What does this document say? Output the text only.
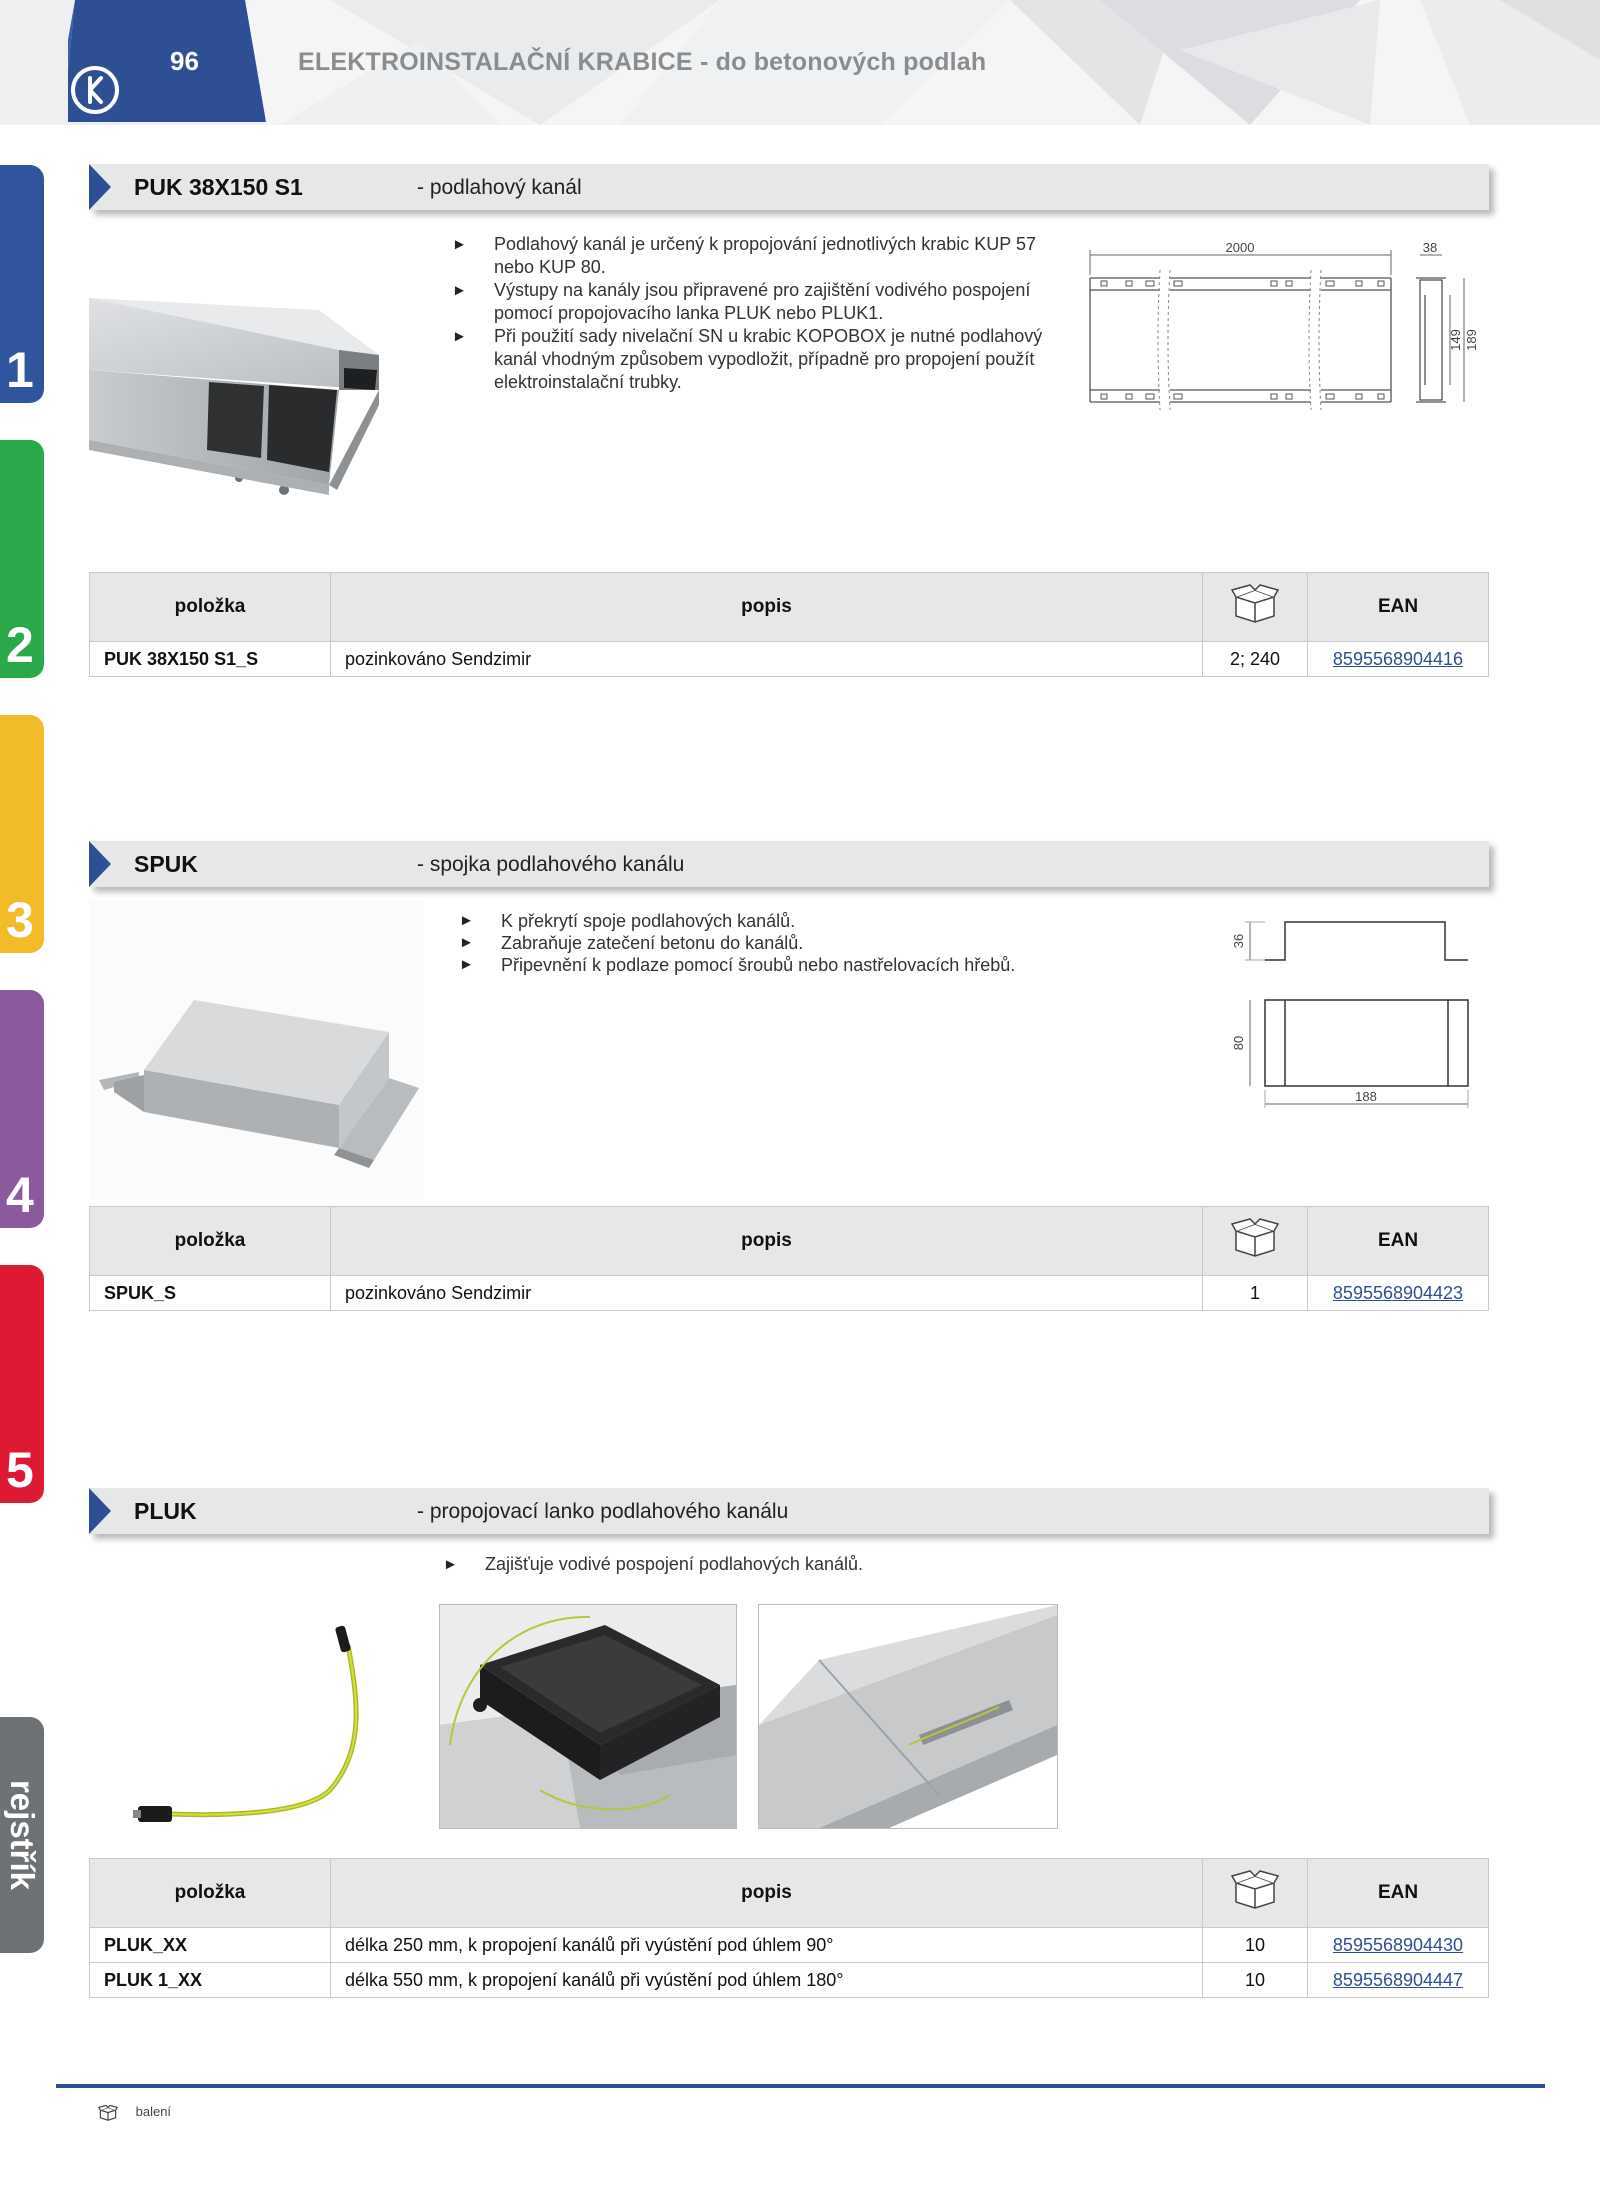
96	ELEKTROINSTALAČNÍ KRABICE - do betonových podlah
1
2
3
4
5
rejstřík
PUK 38X150 S1	- podlahový kanál
► Podlahový kanál je určený k propojování jednotlivých krabic KUP 57 nebo KUP 80.
► Výstupy na kanály jsou připravené pro zajištění vodivého pospojení pomocí propojovacího lanka PLUK nebo PLUK1.
► Při použití sady nivelační SN u krabic KOPOBOX je nutné podlahový kanál vhodným způsobem vypodložit, případně pro propojení použít elektroinstalační trubky.
2000	38
149 189
položka	popis		EAN
PUK 38X150 S1_S	pozinkováno Sendzimir	2; 240	8595568904416
SPUK	- spojka podlahového kanálu
► K překrytí spoje podlahových kanálů.
► Zabraňuje zatečení betonu do kanálů.
► Připevnění k podlaze pomocí šroubů nebo nastřelovacích hřebů.
36
80
188
položka	popis		EAN
SPUK_S	pozinkováno Sendzimir	1	8595568904423
PLUK	- propojovací lanko podlahového kanálu
► Zajišťuje vodivé pospojení podlahových kanálů.
položka	popis		EAN
PLUK_XX	délka 250 mm, k propojení kanálů při vyústění pod úhlem 90°	10	8595568904430
PLUK 1_XX	délka 550 mm, k propojení kanálů při vyústění pod úhlem 180°	10	8595568904447
balení
